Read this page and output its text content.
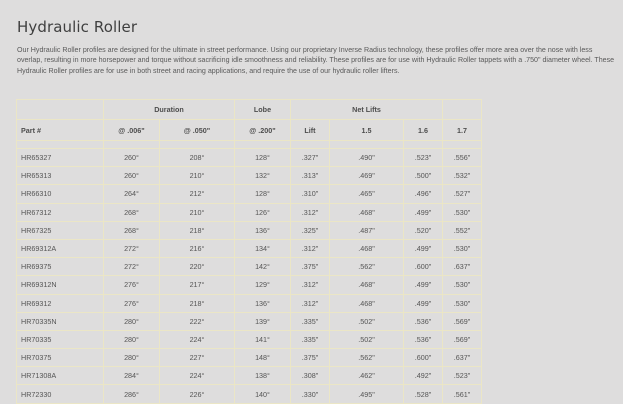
Hydraulic Roller

Our Hydraulic Roller profiles are designed for the ultimate in street performance. Using our proprietary Inverse Radius technology, these profiles offer more area over the nose with less overlap, resulting in more horsepower and torque without sacrificing idle smoothness and reliability. These profiles are for use with Hydraulic Roller tappets with a .750" diameter wheel. These Hydraulic Roller profiles are for use in both street and racing applications, and require the use of our hydraulic roller lifters.

	Duration		Lobe	Net Lifts			
Part #	@ .006"	@ .050"	@ .200"	Lift	1.5	1.6	1.7

HR65327	260°	208°	128°	.327"	.490"	.523"	.556"
HR65313	260°	210°	132°	.313"	.469"	.500"	.532"
HR66310	264°	212°	128°	.310"	.465"	.496"	.527"
HR67312	268°	210°	126°	.312"	.468"	.499"	.530"
HR67325	268°	218°	136°	.325"	.487"	.520"	.552"
HR69312A	272°	216°	134°	.312"	.468"	.499"	.530"
HR69375	272°	220°	142°	.375"	.562"	.600"	.637"
HR69312N	276°	217°	129°	.312"	.468"	.499"	.530"
HR69312	276°	218°	136°	.312"	.468"	.499"	.530"
HR70335N	280°	222°	139°	.335"	.502"	.536"	.569"
HR70335	280°	224°	141°	.335"	.502"	.536"	.569"
HR70375	280°	227°	148°	.375"	.562"	.600"	.637"
HR71308A	284°	224°	138°	.308"	.462"	.492"	.523"
HR72330	286°	226°	140°	.330"	.495"	.528"	.561"
